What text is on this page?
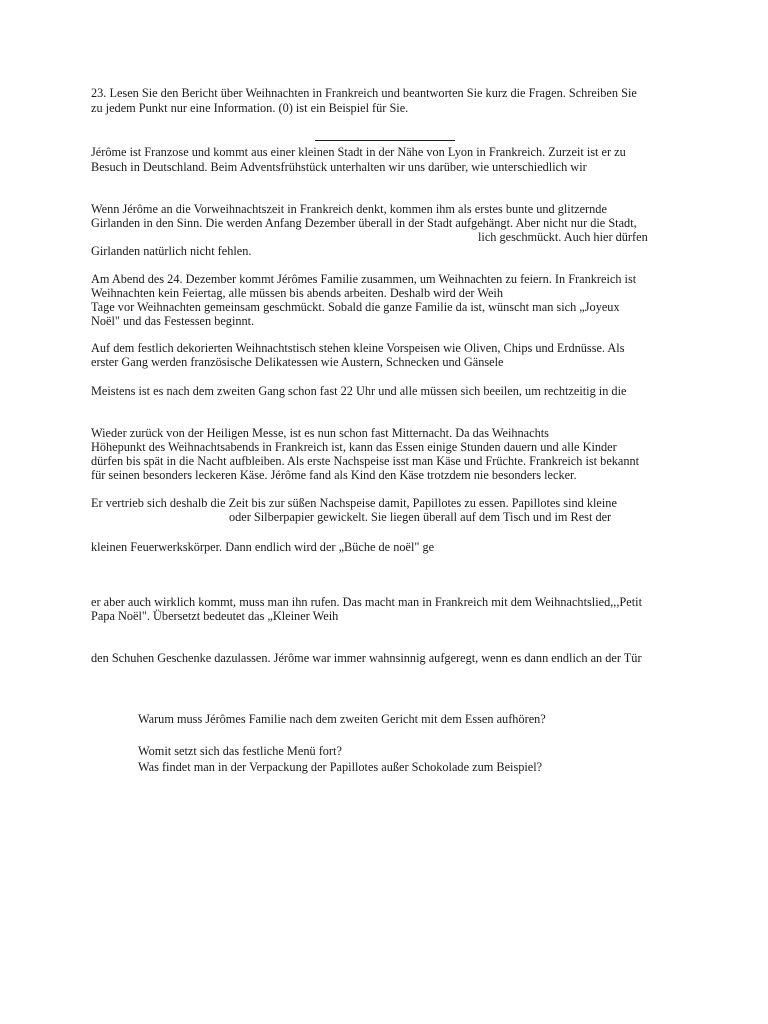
23. Lesen Sie den Bericht über Weihnachten in Frankreich und beantworten Sie kurz die Fragen. Schreiben Sie
zu jedem Punkt nur eine Information. (0) ist ein Beispiel für Sie.
Jérôme ist Franzose und kommt aus einer kleinen Stadt in der Nähe von Lyon in Frankreich. Zurzeit ist er zu
Besuch in Deutschland. Beim Adventsfrühstück unterhalten wir uns darüber, wie unterschiedlich wir
Wenn Jérôme an die Vorweihnachtszeit in Frankreich denkt, kommen ihm als erstes bunte und glitzernde
Girlanden in den Sinn. Die werden Anfang Dezember überall in der Stadt aufgehängt. Aber nicht nur die Stadt,
lich geschmückt. Auch hier dürfen
Girlanden natürlich nicht fehlen.
Am Abend des 24. Dezember kommt Jérômes Familie zusammen, um Weihnachten zu feiern. In Frankreich ist
Weihnachten kein Feiertag, alle müssen bis abends arbeiten. Deshalb wird der Weih
Tage vor Weihnachten gemeinsam geschmückt. Sobald die ganze Familie da ist, wünscht man sich „Joyeux
Noël" und das Festessen beginnt.
Auf dem festlich dekorierten Weihnachtstisch stehen kleine Vorspeisen wie Oliven, Chips und Erdnüsse. Als
erster Gang werden französische Delikatessen wie Austern, Schnecken und Gänsele
Meistens ist es nach dem zweiten Gang schon fast 22 Uhr und alle müssen sich beeilen, um rechtzeitig in die
Wieder zurück von der Heiligen Messe, ist es nun schon fast Mitternacht. Da das Weihnachts
Höhepunkt des Weihnachtsabends in Frankreich ist, kann das Essen einige Stunden dauern und alle Kinder
dürfen bis spät in die Nacht aufbleiben. Als erste Nachspeise isst man Käse und Früchte. Frankreich ist bekannt
für seinen besonders leckeren Käse. Jérôme fand als Kind den Käse trotzdem nie besonders lecker.
Er vertrieb sich deshalb die Zeit bis zur süßen Nachspeise damit, Papillotes zu essen. Papillotes sind kleine
oder Silberpapier gewickelt. Sie liegen überall auf dem Tisch und im Rest der
kleinen Feuerwerkskörper. Dann endlich wird der „Büche de noël" ge
er aber auch wirklich kommt, muss man ihn rufen. Das macht man in Frankreich mit dem Weihnachtslied,,,Petit
Papa Noël". Übersetzt bedeutet das „Kleiner Weih
den Schuhen Geschenke dazulassen. Jérôme war immer wahnsinnig aufgeregt, wenn es dann endlich an der Tür
Warum muss Jérômes Familie nach dem zweiten Gericht mit dem Essen aufhören?
Womit setzt sich das festliche Menü fort?
Was findet man in der Verpackung der Papillotes außer Schokolade zum Beispiel?
